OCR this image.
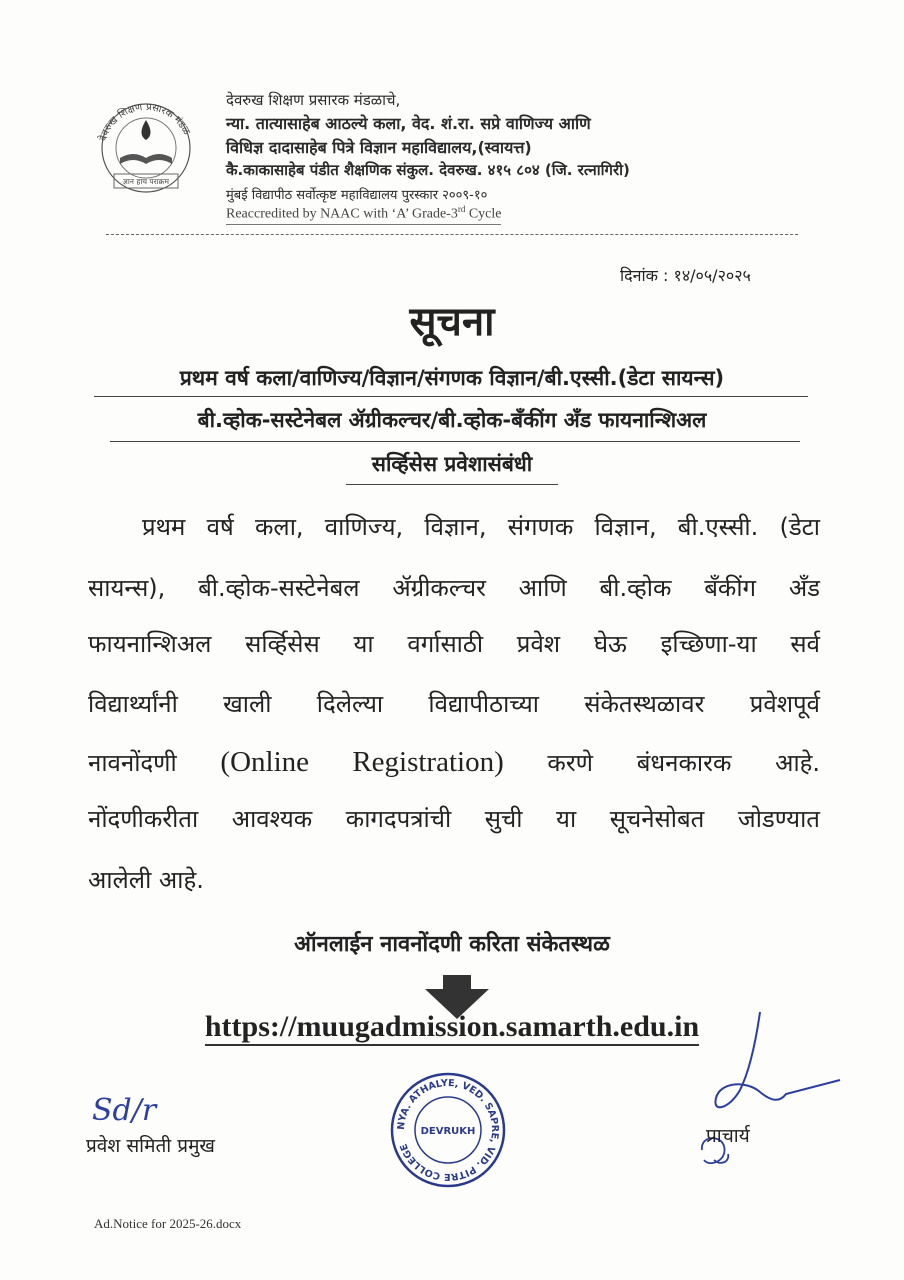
देवरुख शिक्षण प्रसारक मंडळ
ज्ञान हाच पराक्रम
देवरुख शिक्षण प्रसारक मंडळाचे,
न्या. तात्यासाहेब आठल्ये कला, वेद. शं.रा. सप्रे वाणिज्य आणि
विधिज्ञ दादासाहेब पित्रे विज्ञान महाविद्यालय,(स्वायत्त)
कै.काकासाहेब पंडीत शैक्षणिक संकुल. देवरुख. ४१५ ८०४ (जि. रत्नागिरी)
मुंबई विद्यापीठ सर्वोत्कृष्ट महाविद्यालय पुरस्कार २००९-१०
Reaccredited by NAAC with ‘A’ Grade-3rd Cycle
दिनांक : १४/०५/२०२५
सूचना
प्रथम वर्ष कला/वाणिज्य/विज्ञान/संगणक विज्ञान/बी.एस्सी.(डेटा सायन्स)
बी.व्होक-सस्टेनेबल ॲग्रीकल्चर/बी.व्होक-बँकींग अँड फायनान्शिअल
सर्व्हिसेस प्रवेशासंबंधी
प्रथम वर्ष कला, वाणिज्य, विज्ञान, संगणक विज्ञान, बी.एस्सी. (डेटा
सायन्स), बी.व्होक-सस्टेनेबल ॲग्रीकल्चर आणि बी.व्होक बँकींग अँड
फायनान्शिअल सर्व्हिसेस या वर्गासाठी प्रवेश घेऊ इच्छिणा-या सर्व
विद्यार्थ्यांनी खाली दिलेल्या विद्यापीठाच्या संकेतस्थळावर प्रवेशपूर्व
नावनोंदणी (Online Registration) करणे बंधनकारक आहे.
नोंदणीकरीता आवश्यक कागदपत्रांची सुची या सूचनेसोबत जोडण्यात
आलेली आहे.
ऑनलाईन नावनोंदणी करिता संकेतस्थळ
https://muugadmission.samarth.edu.in
Sd/r
प्रवेश समिती प्रमुख
NYA. ATHALYE, VED. SAPRE, VID. PITRE COLLEGE
DEVRUKH	प्राचार्य
Ad.Notice for 2025-26.docx
